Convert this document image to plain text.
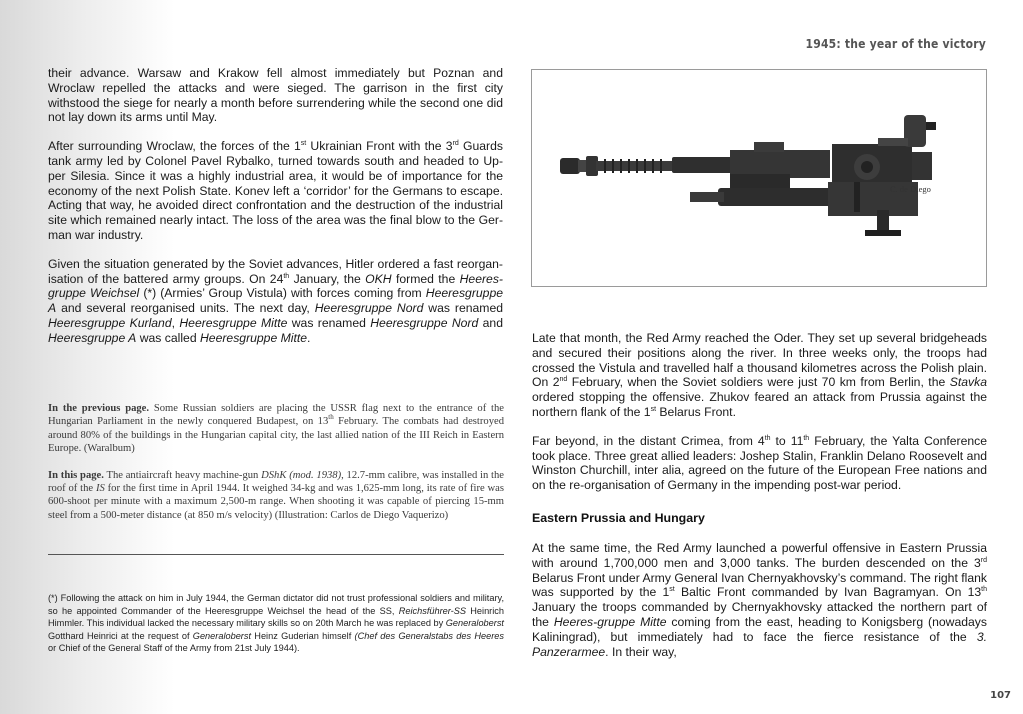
1945: the year of the victory

their advance. Warsaw and Krakow fell almost immediately but Poznan and Wroclaw repelled the attacks and were sieged. The garrison in the first city withstood the siege for nearly a month before surrendering while the second one did not lay down its arms until May.

After surrounding Wroclaw, the forces of the 1st Ukrainian Front with the 3rd Guards tank army led by Colonel Pavel Rybalko, turned towards south and headed to Up-per Silesia. Since it was a highly industrial area, it would be of importance for the economy of the next Polish State. Konev left a ‘corridor’ for the Germans to escape. Acting that way, he avoided direct confrontation and the destruction of the industrial site which remained nearly intact. The loss of the area was the final blow to the Ger-man war industry.

Given the situation generated by the Soviet advances, Hitler ordered a fast reorgan-isation of the battered army groups. On 24th January, the OKH formed the Heeres-gruppe Weichsel (*) (Armies’ Group Vistula) with forces coming from Heeresgruppe A and several reorganised units. The next day, Heeresgruppe Nord was renamed Heeresgruppe Kurland, Heeresgruppe Mitte was renamed Heeresgruppe Nord and Heeresgruppe A was called Heeresgruppe Mitte.

In the previous page. Some Russian soldiers are placing the USSR flag next to the entrance of the Hungarian Parliament in the newly conquered Budapest, on 13th February. The combats had destroyed around 80% of the buildings in the Hungarian capital city, the last allied nation of the III Reich in Eastern Europe. (Waralbum)

In this page. The antiaircraft heavy machine-gun DShK (mod. 1938), 12.7-mm calibre, was installed in the roof of the IS for the first time in April 1944. It weighed 34-kg and was 1,625-mm long, its rate of fire was 600-shoot per minute with a maximum 2,500-m range. When shooting it was capable of piercing 15-mm steel from a 500-meter distance (at 850 m/s velocity) (Illustration: Carlos de Diego Vaquerizo)

(*) Following the attack on him in July 1944, the German dictator did not trust professional soldiers and military, so he appointed Commander of the Heeresgruppe Weichsel the head of the SS, Reichsführer-SS Heinrich Himmler. This individual lacked the necessary military skills so on 20th March he was replaced by Generaloberst Gotthard Heinrici at the request of Generaloberst Heinz Guderian himself (Chef des Generalstabs des Heeres or Chief of the General Staff of the Army from 21st July 1944).

C. de Diego

Late that month, the Red Army reached the Oder. They set up several bridgeheads and secured their positions along the river. In three weeks only, the troops had crossed the Vistula and travelled half a thousand kilometres across the Polish plain. On 2nd February, when the Soviet soldiers were just 70 km from Berlin, the Stavka ordered stopping the offensive. Zhukov feared an attack from Prussia against the northern flank of the 1st Belarus Front.

Far beyond, in the distant Crimea, from 4th to 11th February, the Yalta Conference took place. Three great allied leaders: Joshep Stalin, Franklin Delano Roosevelt and Winston Churchill, inter alia, agreed on the future of the European Free nations and on the re-organisation of Germany in the impending post-war period.

Eastern Prussia and Hungary

At the same time, the Red Army launched a powerful offensive in Eastern Prussia with around 1,700,000 men and 3,000 tanks. The burden descended on the 3rd Belarus Front under Army General Ivan Chernyakhovsky’s command. The right flank was supported by the 1st Baltic Front commanded by Ivan Bagramyan. On 13th January the troops commanded by Chernyakhovsky attacked the northern part of the Heeres-gruppe Mitte coming from the east, heading to Konigsberg (nowadays Kaliningrad), but immediately had to face the fierce resistance of the 3. Panzerarmee. In their way,

107
